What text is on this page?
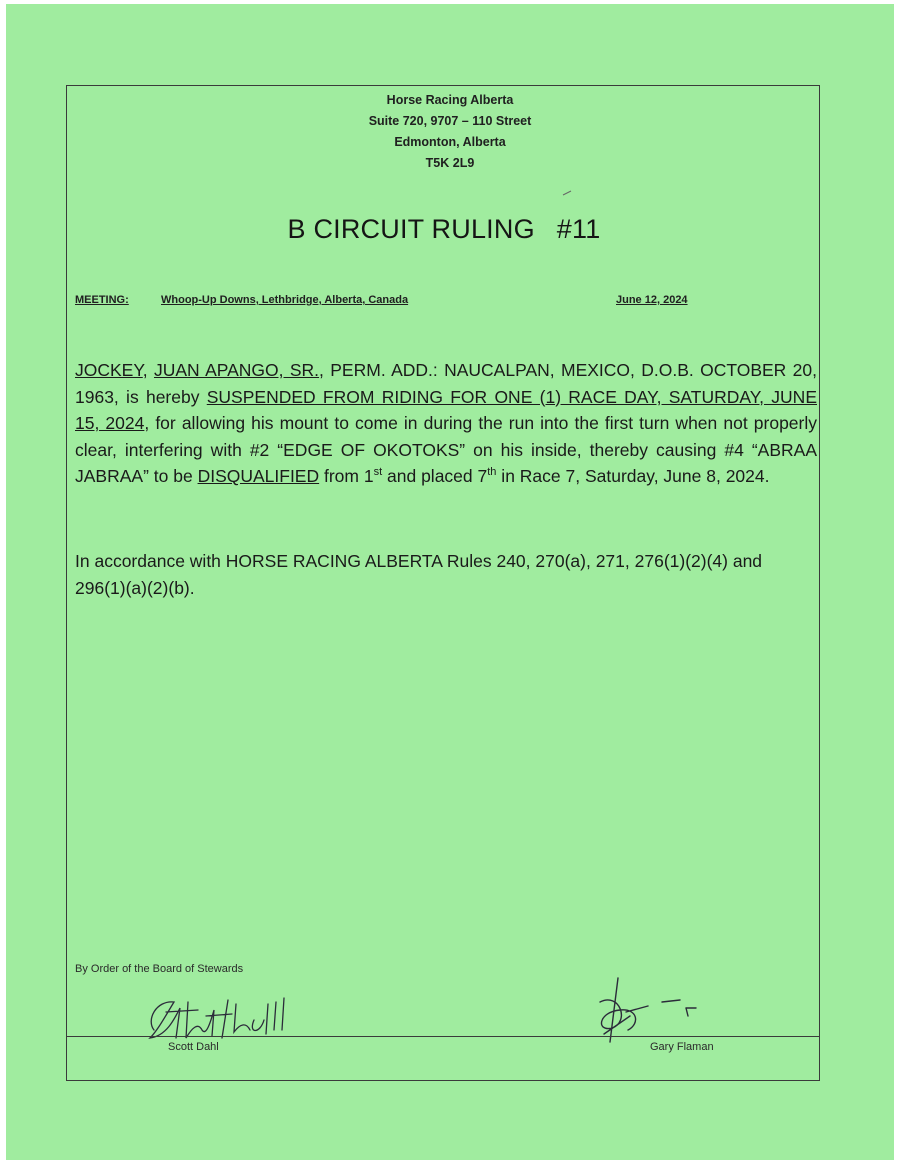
Horse Racing Alberta
Suite 720, 9707 – 110 Street
Edmonton, Alberta
T5K 2L9
B CIRCUIT RULING #11
MEETING:	Whoop-Up Downs, Lethbridge, Alberta, Canada	June 12, 2024
JOCKEY, JUAN APANGO, SR., PERM. ADD.: NAUCALPAN, MEXICO, D.O.B. OCTOBER 20, 1963, is hereby SUSPENDED FROM RIDING FOR ONE (1) RACE DAY, SATURDAY, JUNE 15, 2024, for allowing his mount to come in during the run into the first turn when not properly clear, interfering with #2 “EDGE OF OKOTOKS” on his inside, thereby causing #4 “ABRAA JABRAA” to be DISQUALIFIED from 1st and placed 7th in Race 7, Saturday, June 8, 2024.
In accordance with HORSE RACING ALBERTA Rules 240, 270(a), 271, 276(1)(2)(4) and 296(1)(a)(2)(b).
By Order of the Board of Stewards
Scott Dahl	Gary Flaman
